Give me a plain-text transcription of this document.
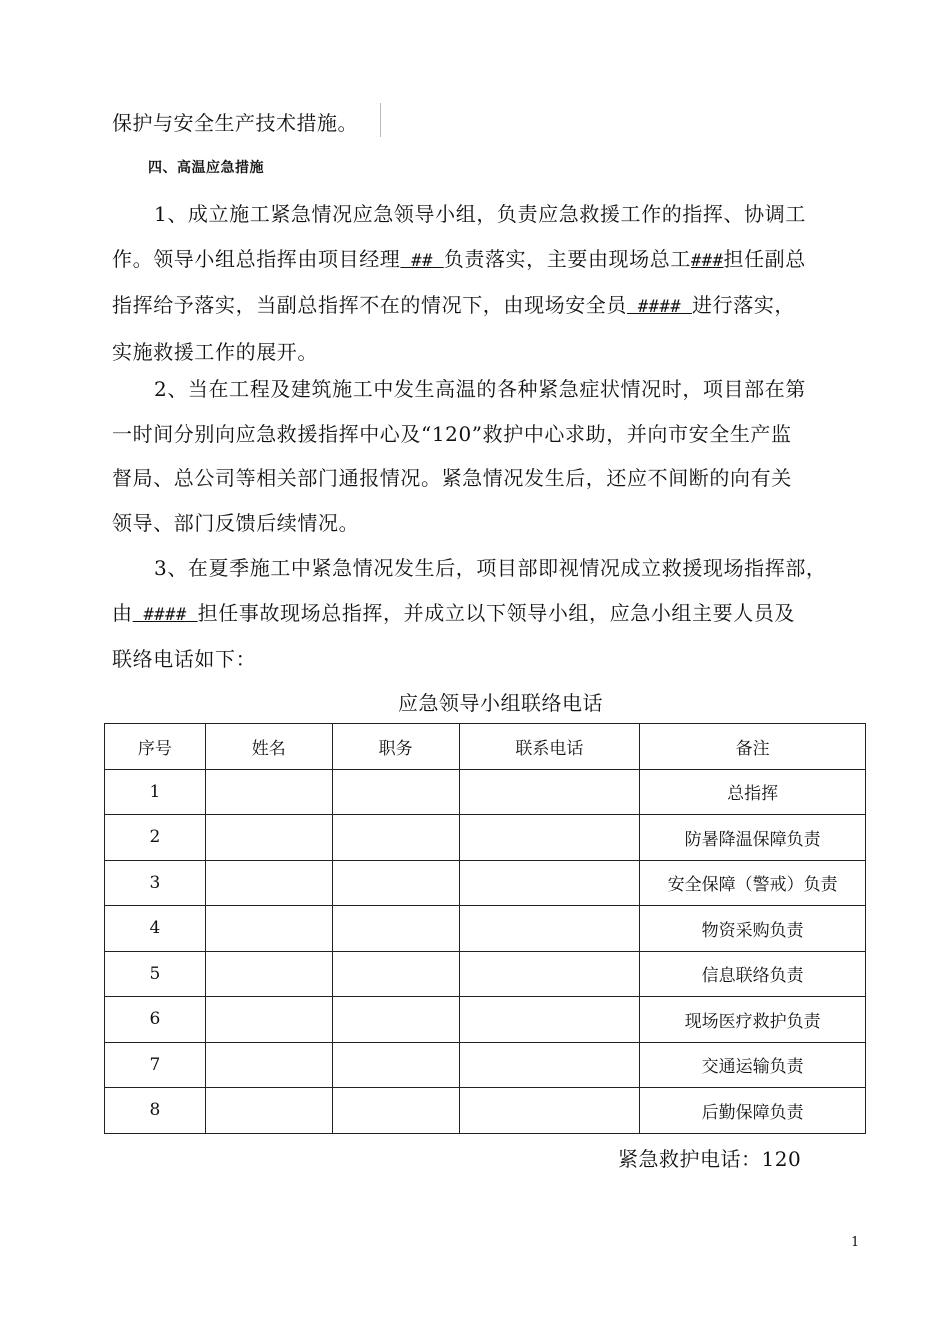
保护与安全生产技术措施。
四、高温应急措施

1、成立施工紧急情况应急领导小组，负责应急救援工作的指挥、协调工
作。领导小组总指挥由项目经理 ## 负责落实，主要由现场总工###担任副总
指挥给予落实，当副总指挥不在的情况下，由现场安全员 #### 进行落实，
实施救援工作的展开。

2、当在工程及建筑施工中发生高温的各种紧急症状情况时，项目部在第
一时间分别向应急救援指挥中心及“120”救护中心求助，并向市安全生产监
督局、总公司等相关部门通报情况。紧急情况发生后，还应不间断的向有关
领导、部门反馈后续情况。

3、在夏季施工中紧急情况发生后，项目部即视情况成立救援现场指挥部，
由 #### 担任事故现场总指挥，并成立以下领导小组，应急小组主要人员及
联络电话如下：

应急领导小组联络电话
序号	姓名	职务	联系电话	备注
1				总指挥
2				防暑降温保障负责
3				安全保障（警戒）负责
4				物资采购负责
5				信息联络负责
6				现场医疗救护负责
7				交通运输负责
8				后勤保障负责
紧急救护电话：120
1
